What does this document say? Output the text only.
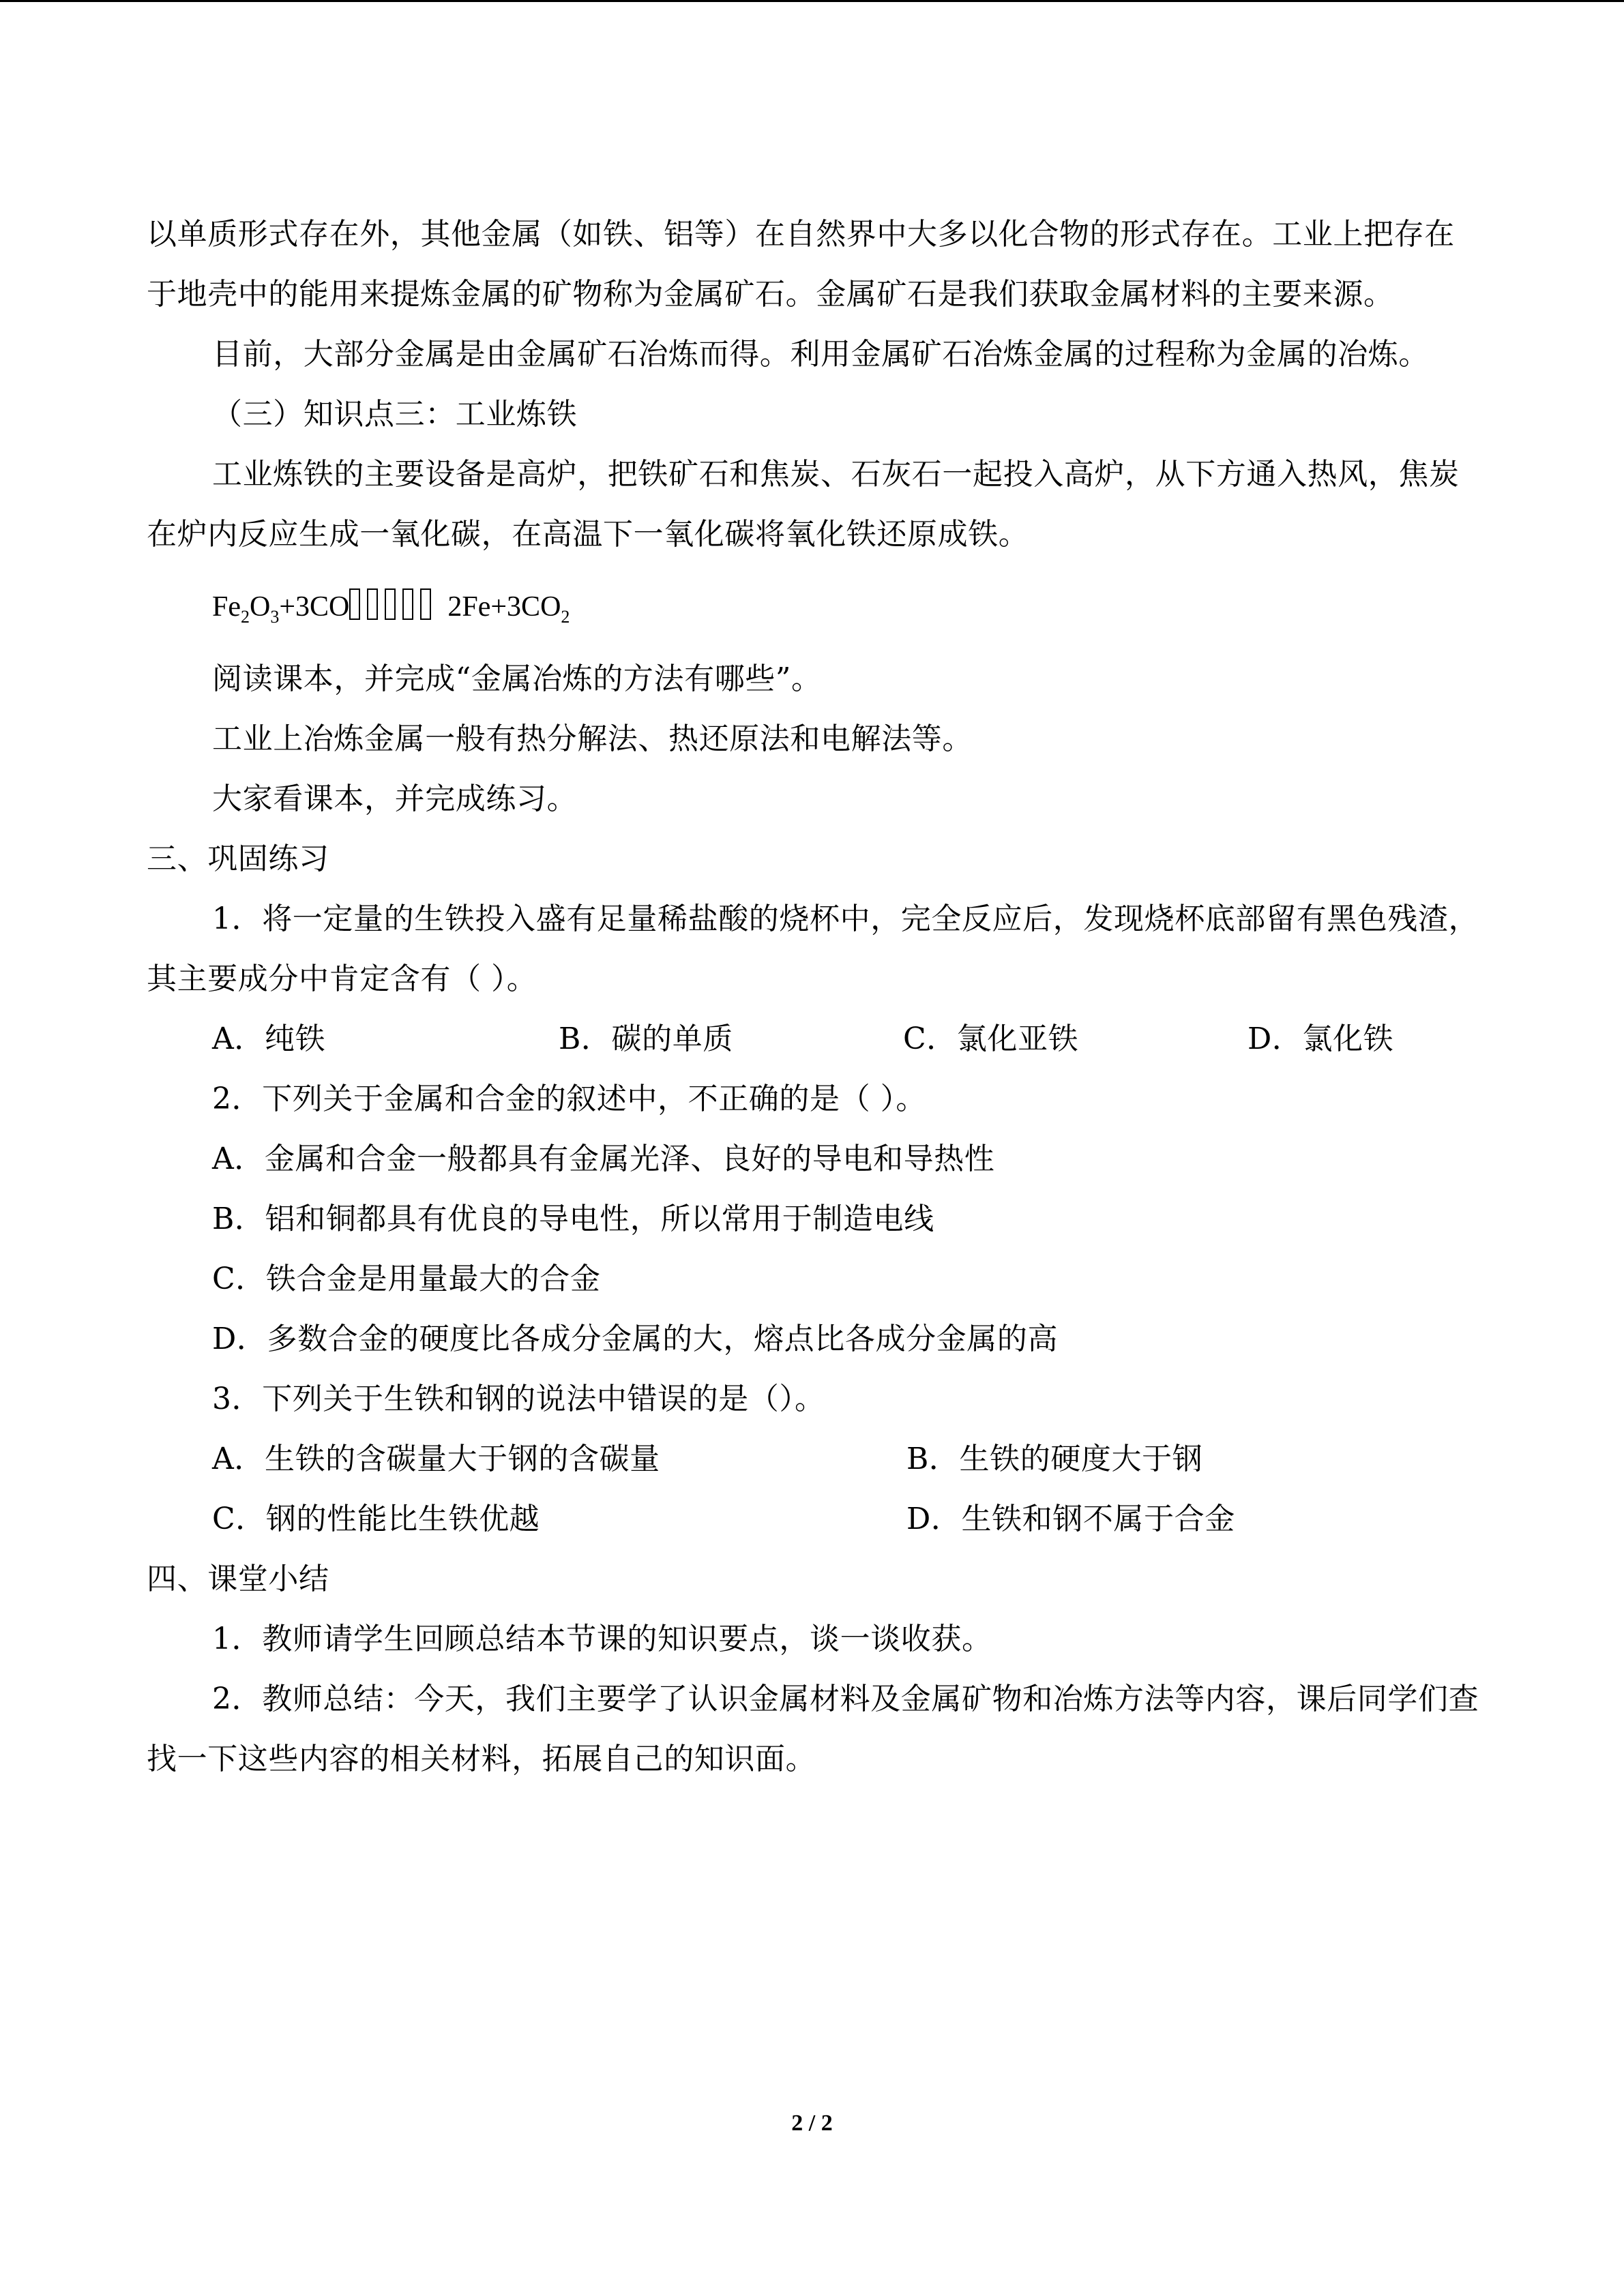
以单质形式存在外，其他金属（如铁、铝等）在自然界中大多以化合物的形式存在。工业上把存在于地壳中的能用来提炼金属的矿物称为金属矿石。金属矿石是我们获取金属材料的主要来源。

目前，大部分金属是由金属矿石冶炼而得。利用金属矿石冶炼金属的过程称为金属的冶炼。

（三）知识点三：工业炼铁

工业炼铁的主要设备是高炉，把铁矿石和焦炭、石灰石一起投入高炉，从下方通入热风，焦炭在炉内反应生成一氧化碳，在高温下一氧化碳将氧化铁还原成铁。

$Fe_2O_3+3CO$	$2Fe+3CO_2$

阅读课本，并完成“金属冶炼的方法有哪些”。

工业上冶炼金属一般有热分解法、热还原法和电解法等。

大家看课本，并完成练习。

三、巩固练习

1．将一定量的生铁投入盛有足量稀盐酸的烧杯中，完全反应后，发现烧杯底部留有黑色残渣，其主要成分中肯定含有（ ）。

A．纯铁	B．碳的单质	C．氯化亚铁	D．氯化铁

2．下列关于金属和合金的叙述中，不正确的是（ ）。

A．金属和合金一般都具有金属光泽、良好的导电和导热性

B．铝和铜都具有优良的导电性，所以常用于制造电线

C．铁合金是用量最大的合金

D．多数合金的硬度比各成分金属的大，熔点比各成分金属的高

3．下列关于生铁和钢的说法中错误的是（）。

A．生铁的含碳量大于钢的含碳量	B．生铁的硬度大于钢
C．钢的性能比生铁优越	D．生铁和钢不属于合金

四、课堂小结

1．教师请学生回顾总结本节课的知识要点，谈一谈收获。

2．教师总结：今天，我们主要学了认识金属材料及金属矿物和冶炼方法等内容，课后同学们查找一下这些内容的相关材料，拓展自己的知识面。

2 / 2
